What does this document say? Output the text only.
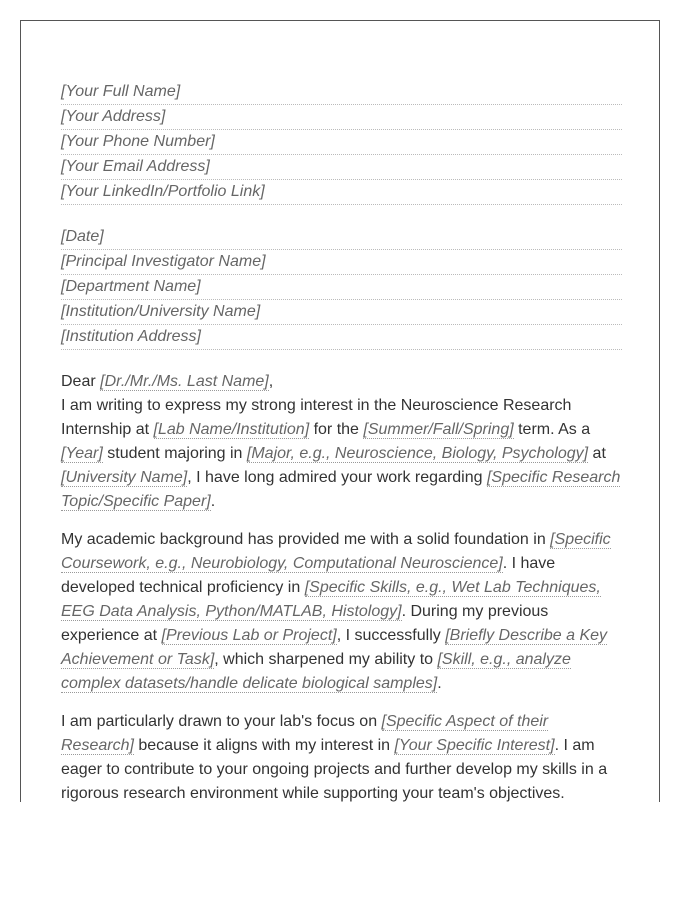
[Your Full Name]
[Your Address]
[Your Phone Number]
[Your Email Address]
[Your LinkedIn/Portfolio Link]
[Date]
[Principal Investigator Name]
[Department Name]
[Institution/University Name]
[Institution Address]
Dear [Dr./Mr./Ms. Last Name],

I am writing to express my strong interest in the Neuroscience Research Internship at [Lab Name/Institution] for the [Summer/Fall/Spring] term. As a [Year] student majoring in [Major, e.g., Neuroscience, Biology, Psychology] at [University Name], I have long admired your work regarding [Specific Research Topic/Specific Paper].

My academic background has provided me with a solid foundation in [Specific Coursework, e.g., Neurobiology, Computational Neuroscience]. I have developed technical proficiency in [Specific Skills, e.g., Wet Lab Techniques, EEG Data Analysis, Python/MATLAB, Histology]. During my previous experience at [Previous Lab or Project], I successfully [Briefly Describe a Key Achievement or Task], which sharpened my ability to [Skill, e.g., analyze complex datasets/handle delicate biological samples].

I am particularly drawn to your lab's focus on [Specific Aspect of their Research] because it aligns with my interest in [Your Specific Interest]. I am eager to contribute to your ongoing projects and further develop my skills in a rigorous research environment while supporting your team's objectives.
